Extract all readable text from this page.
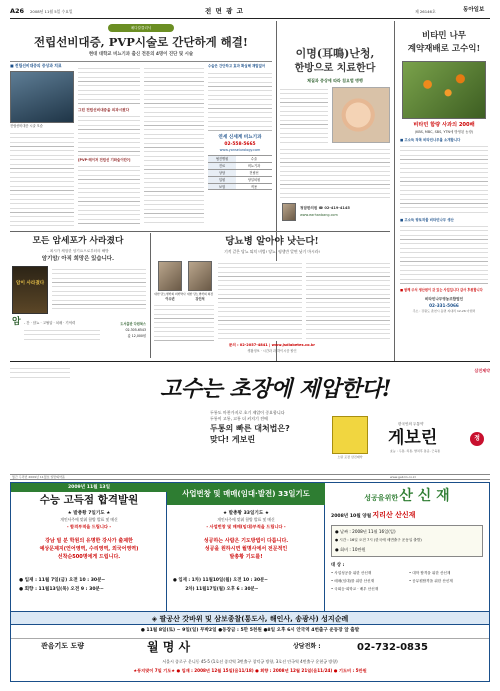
A26 2008년 11월 5일 수요일	전 면 광 고	제 26146호	동아일보
메디칼클리닉
전립선비대증, PVP시술로 간단하게 해결!
현대 대학교 비뇨기과 출신 전문의 4명이 진단 및 시술
■ 전립선비대증의 증상과 치료
전립선비대증 시술 모습
그린 전립선비대증을 외과시켰다
[PVP-레이저 전립선 기화술이란?]
수술은 간단하고 효과 확실해 재발없어
연세 신세계 비뇨기과
02-558-5665
www.yonseiurology.com
협진병원	수술
진료	비뇨기과
상담	전립선
입원	당일퇴원
보험	적용
이명(耳鳴)난청,
한방으로 치료한다
체질과 증상에 따라 침요법 병행
청담한의원 ☎ 02-419-4145
www.earhanbang.com
비타민 나무
계약재배로 고수익!
비타민 함량 사과의 200배
(KBS, MBC, SBS, YTN에 방영된 농장)
■ 고소득 작목 비타민나무를 소개합니다
■ 고소득 향토작물 비타민나무 생산
■ 함께 주식 생산원이 갖 있는 사업입니다 감사 후원합니다
비타민나무영농조합법인
02-331-5066
주소 : 강원도 춘천시 동면 지내리 12-26 아랜리
모든 암세포가 사라졌다
- 최시가 체험한 암기요으로부터의 해방
암기암/ 아직 희망은 있습니다.
암이 사라졌다
암 - 간 · 암뇨 · 고혈압 · 치매 · 기억력	도서출판 다원북스
02-305-6543
값 12,000원
당뇨병 알아야 낫는다!
기적 같은 당뇨 퇴치 비법! 당뇨, 평생만 알면 낫기 마시라!
대한 당뇨병학회 의학박사
이수년
대한 당뇨병학회 회장
강인석
문의 : 02-2057-4841 | www.jsdiabetes.co.kr
생활정보 · 시간과 과 하이시즘 할인
고수는 초장에 제압한다!
두통도 마찬가지로 초기 제압이 중요합니다
두통이 고통, 고통 더 커지기 전에
두통의 빠른 대처법은?
맞다! 게보린
노란 포장 삼진제약
한국인의 두통약
게보린	정
효능 : 두통, 치통, 발치후 통증, 근육통
삼진제약
월간 두리번 2009년 11월호 일반의약품	www.gebrin.co.kr
2009년 11월 13일
수능 고득점 합격발원
★ 발총황 7일기도 ★
개인사주에 맞춰 합방 발표 및 메신
- 합격부적을 드립니다 -
강남 빌 분 학원의 유명한 강사가 출제한
예상문제지(언어영역, 수리영역, 외국어영역)
선착순500명에게 드립니다.
● 입재 : 11월 7일(금) 오전 10 : 30분~
● 회향 : 11월13일(목) 오전 9 : 30분~
사업번창 및 매매(임대·발전) 33일기도
★ 발총황 33일기도 ★
개인사주에 맞춰 합방 발표 및 메신
- 사업번창 및 매매(임대)부적을 드립니다 -
성공하는 사람은 기도방법이 다릅니다.
성공을 원하시면 월명사에서 전문적인
발총황 기도를!
● 입재 : 1차) 11월10일(월) 오전 10 : 30분~
2차) 11월17일(월) 오후 6 : 30분~
성공을위한 산 신 재
2008년 10월 양월 지리산 산신재
● 날짜 : 2008년 11월 16일(일)
● 시간 : 16일 오전 7시 (한국에 세면출구 운동일 출발)
● 회비 : 10만원
대 상 :
• 사업성공을 위한 산신재	• 대학 합격을 위한 산신재
• 매매(임대)를 위한 산신재	• 공무원합격을 위한 산신재
• 국회등·희학교 · 배우 산신재
◈ 팔공산 갓바위 및 삼보종찰(통도사, 해인사, 송광사) 성지순례
● 11월 8일(토) ~ 9일(일) 무박2일 ●동장금 : 5만 5천원 ●8일 오후 6시 안국역 4번출구 운동장 앞 출발
관음기도 도량	월 명 사	상담전화 :	02-732-0835
서울시 종로구 운니동 45-5 (1호선 종각역 3번출구 창덕궁 방향, 3호선 안국역 4번출구 운현궁 방향)
★동지맞이 7일 기도★ ● 입재 : 2008년 12월 15일(음11/18) ● 회향 : 2008년 12월 21일(음11/24) ● 기도비 : 5만원
